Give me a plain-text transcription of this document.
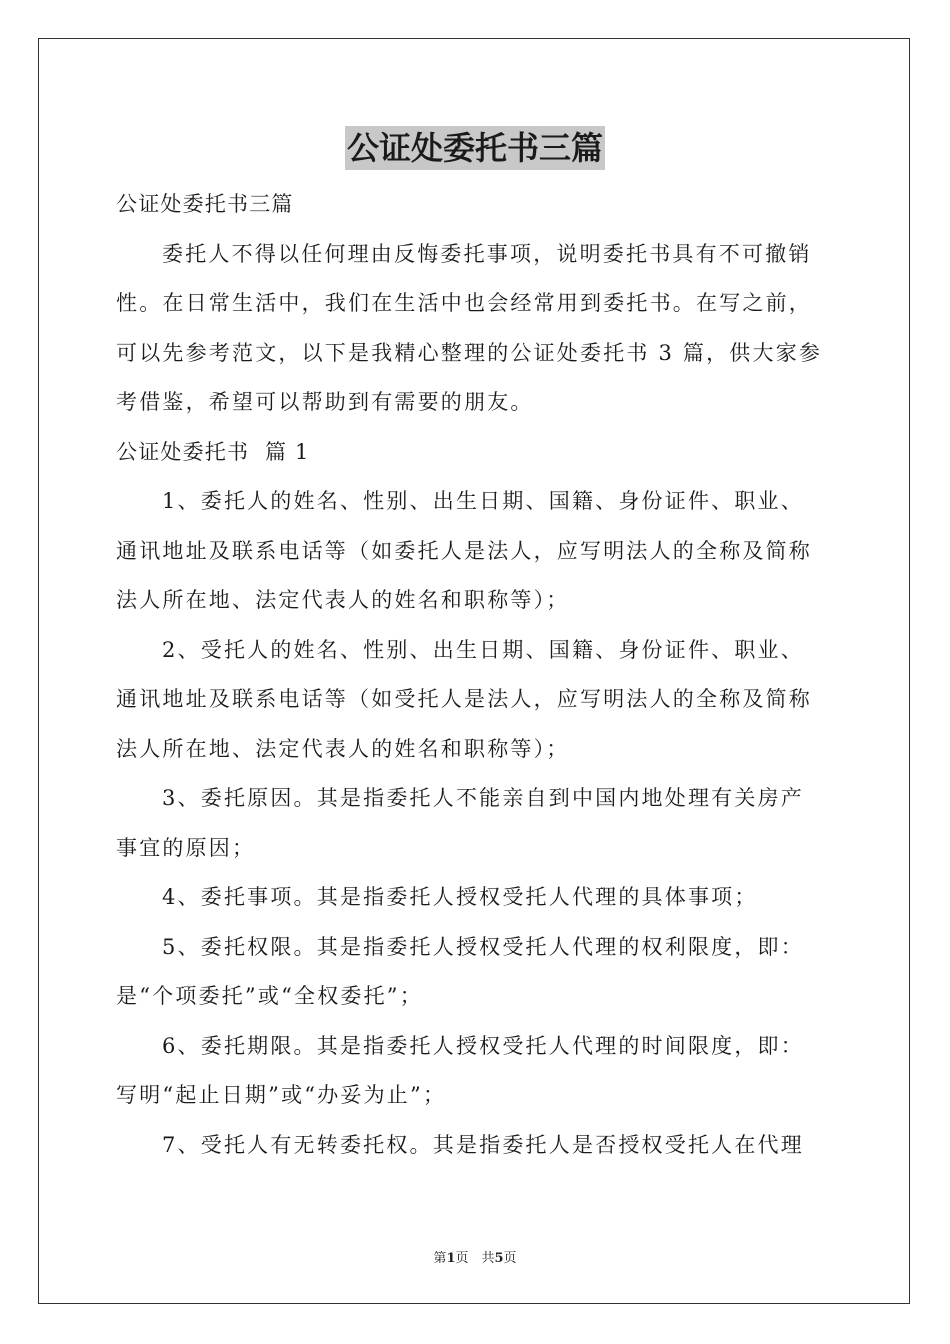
公证处委托书三篇
公证处委托书三篇
委托人不得以任何理由反悔委托事项，说明委托书具有不可撤销
性。在日常生活中，我们在生活中也会经常用到委托书。在写之前，
可以先参考范文，以下是我精心整理的公证处委托书 3 篇，供大家参
考借鉴，希望可以帮助到有需要的朋友。
公证处委托书  篇 1
1、委托人的姓名、性别、出生日期、国籍、身份证件、职业、
通讯地址及联系电话等（如委托人是法人，应写明法人的全称及简称
法人所在地、法定代表人的姓名和职称等）；
2、受托人的姓名、性别、出生日期、国籍、身份证件、职业、
通讯地址及联系电话等（如受托人是法人，应写明法人的全称及简称
法人所在地、法定代表人的姓名和职称等）；
3、委托原因。其是指委托人不能亲自到中国内地处理有关房产
事宜的原因；
4、委托事项。其是指委托人授权受托人代理的具体事项；
5、委托权限。其是指委托人授权受托人代理的权利限度，即：
是“个项委托”或“全权委托”；
6、委托期限。其是指委托人授权受托人代理的时间限度，即：
写明“起止日期”或“办妥为止”；
7、受托人有无转委托权。其是指委托人是否授权受托人在代理
第1页　共5页
